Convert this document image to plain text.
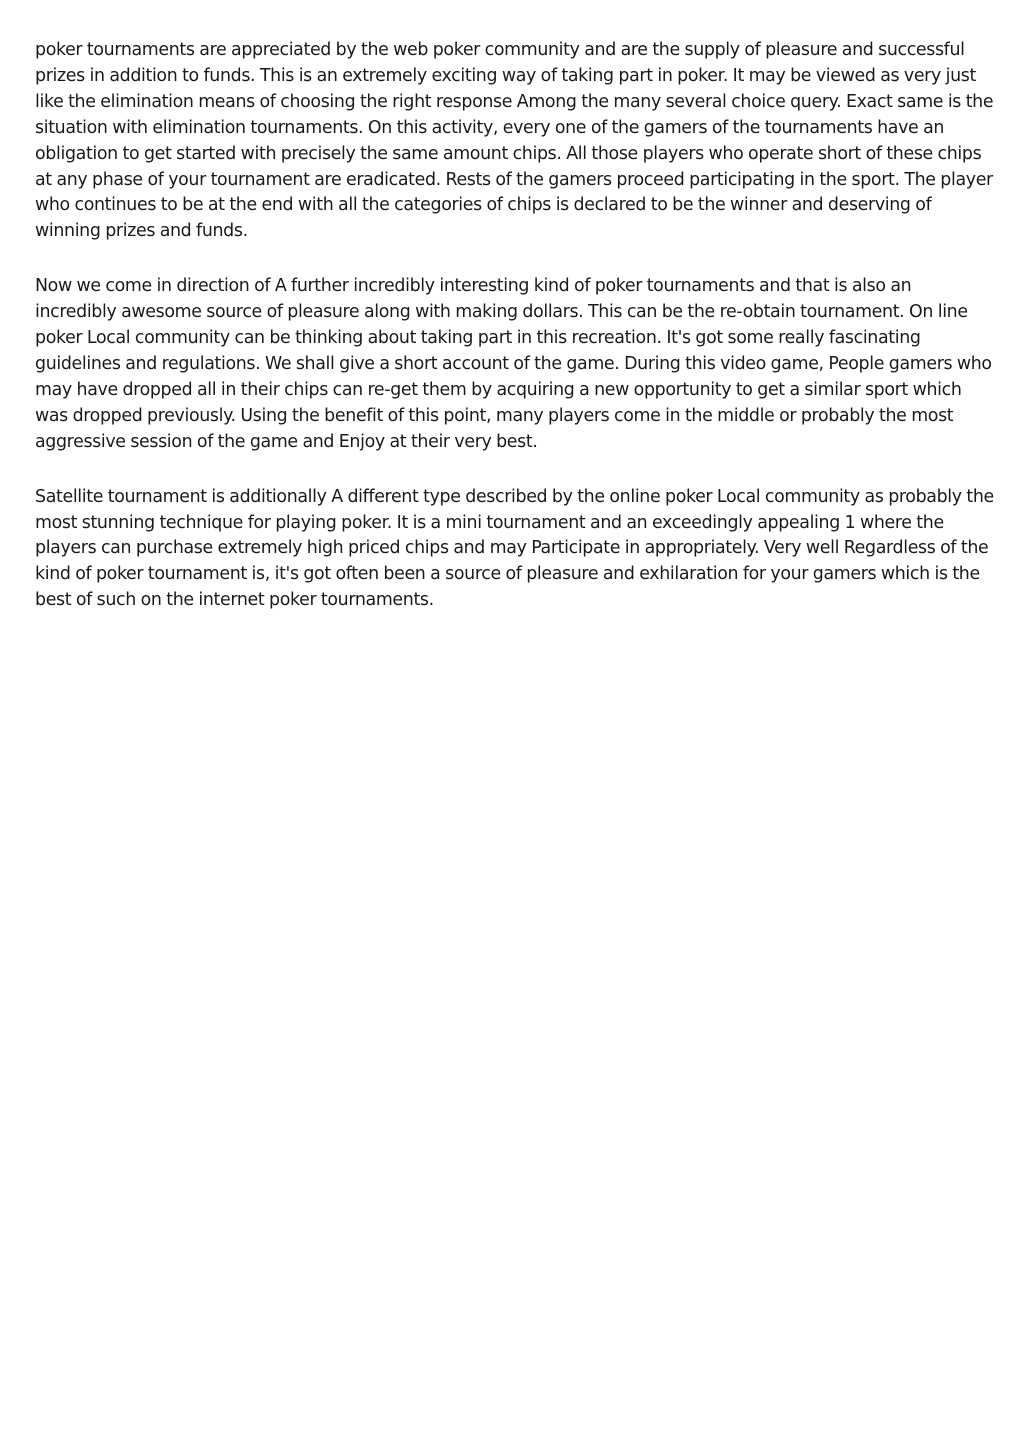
poker tournaments are appreciated by the web poker community and are the supply of pleasure and successful prizes in addition to funds. This is an extremely exciting way of taking part in poker. It may be viewed as very just like the elimination means of choosing the right response Among the many several choice query. Exact same is the situation with elimination tournaments. On this activity, every one of the gamers of the tournaments have an obligation to get started with precisely the same amount chips. All those players who operate short of these chips at any phase of your tournament are eradicated. Rests of the gamers proceed participating in the sport. The player who continues to be at the end with all the categories of chips is declared to be the winner and deserving of winning prizes and funds.

Now we come in direction of A further incredibly interesting kind of poker tournaments and that is also an incredibly awesome source of pleasure along with making dollars. This can be the re-obtain tournament. On line poker Local community can be thinking about taking part in this recreation. It's got some really fascinating guidelines and regulations. We shall give a short account of the game. During this video game, People gamers who may have dropped all in their chips can re-get them by acquiring a new opportunity to get a similar sport which was dropped previously. Using the benefit of this point, many players come in the middle or probably the most aggressive session of the game and Enjoy at their very best.

Satellite tournament is additionally A different type described by the online poker Local community as probably the most stunning technique for playing poker. It is a mini tournament and an exceedingly appealing 1 where the players can purchase extremely high priced chips and may Participate in appropriately. Very well Regardless of the kind of poker tournament is, it's got often been a source of pleasure and exhilaration for your gamers which is the best of such on the internet poker tournaments.
